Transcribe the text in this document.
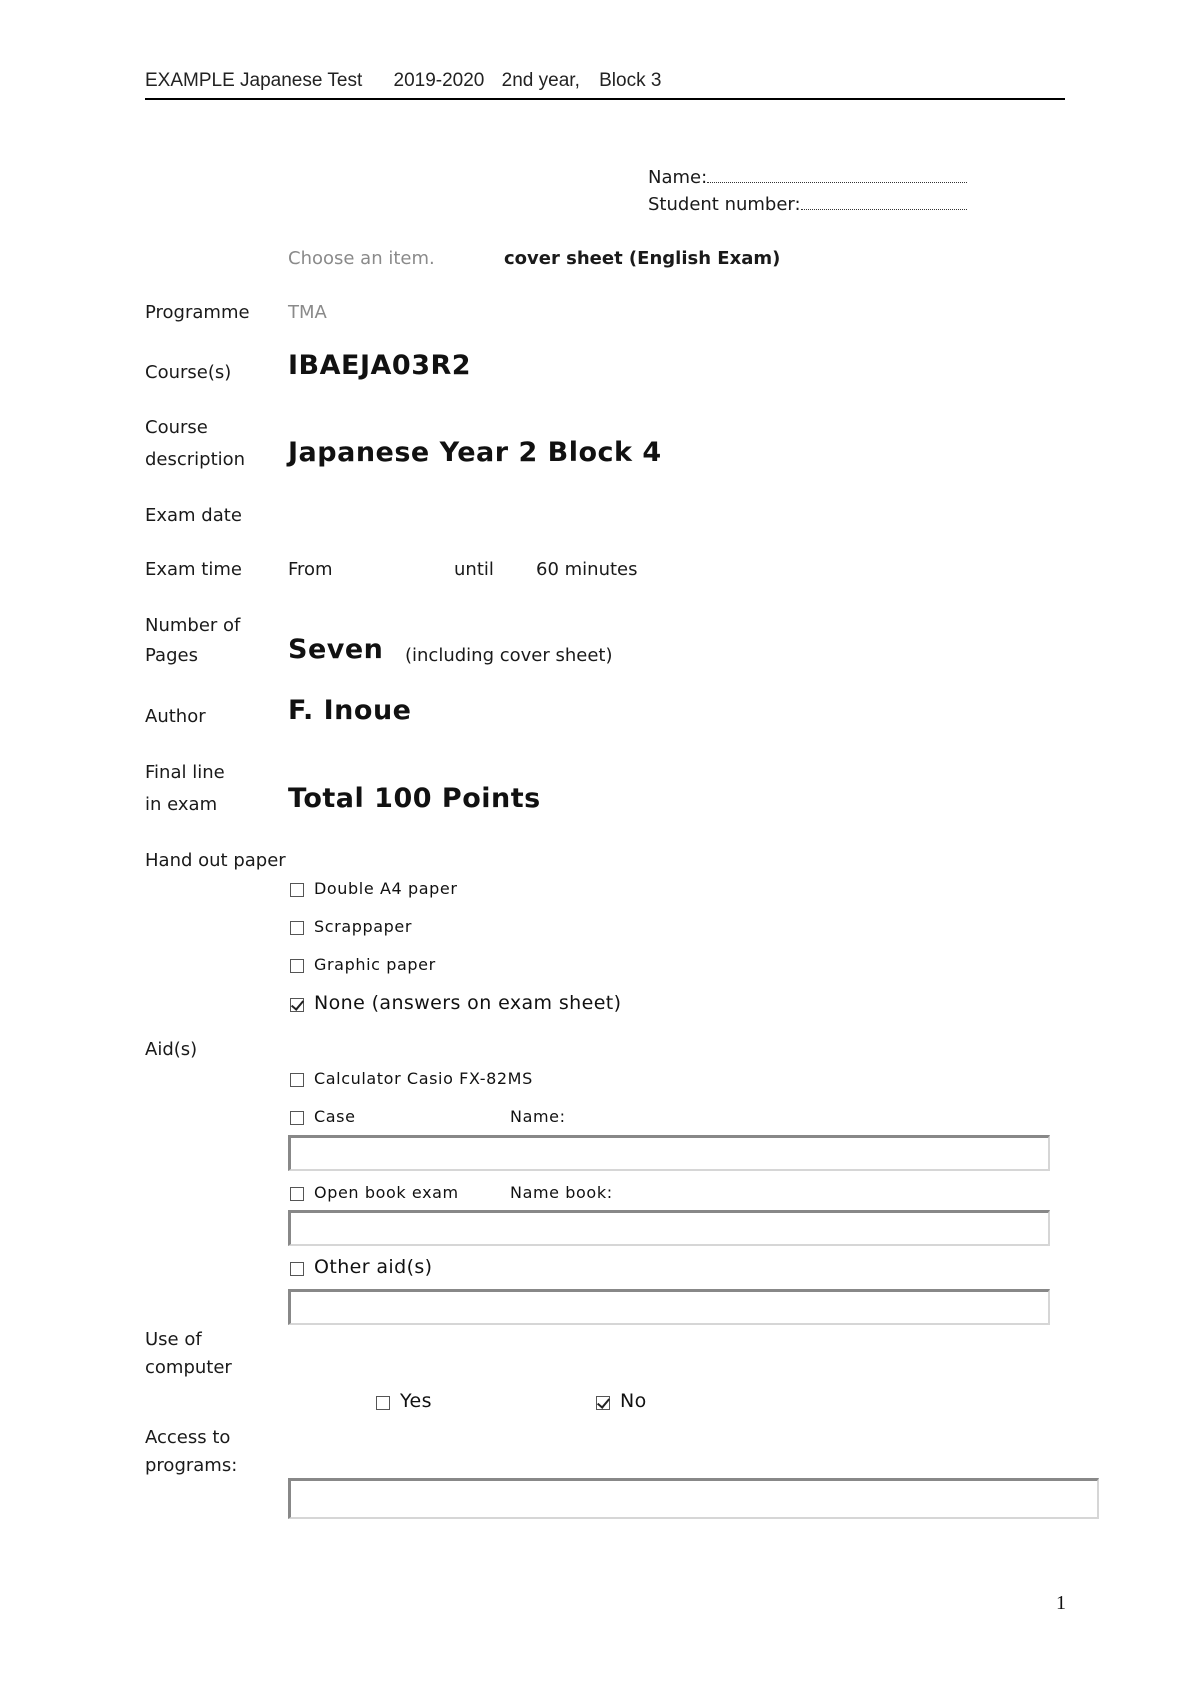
EXAMPLE Japanese Test 2019-2020 2nd year, Block 3
Name:
Student number:
Choose an item.	cover sheet (English Exam)
Programme TMA
Course(s) IBAEJA03R2
Course
description Japanese Year 2 Block 4
Exam date
Exam time	From	until 60 minutes
Number of
Pages	Seven (including cover sheet)
Author	F. Inoue
Final line
in exam	Total 100 Points
Hand out paper
Double A4 paper
Scrappaper
Graphic paper
None (answers on exam sheet)
Aid(s)
Calculator Casio FX-82MS
Case	Name:
Open book exam	Name book:
Other aid(s)
Use of
computer
Yes	No
Access to
programs:
1
